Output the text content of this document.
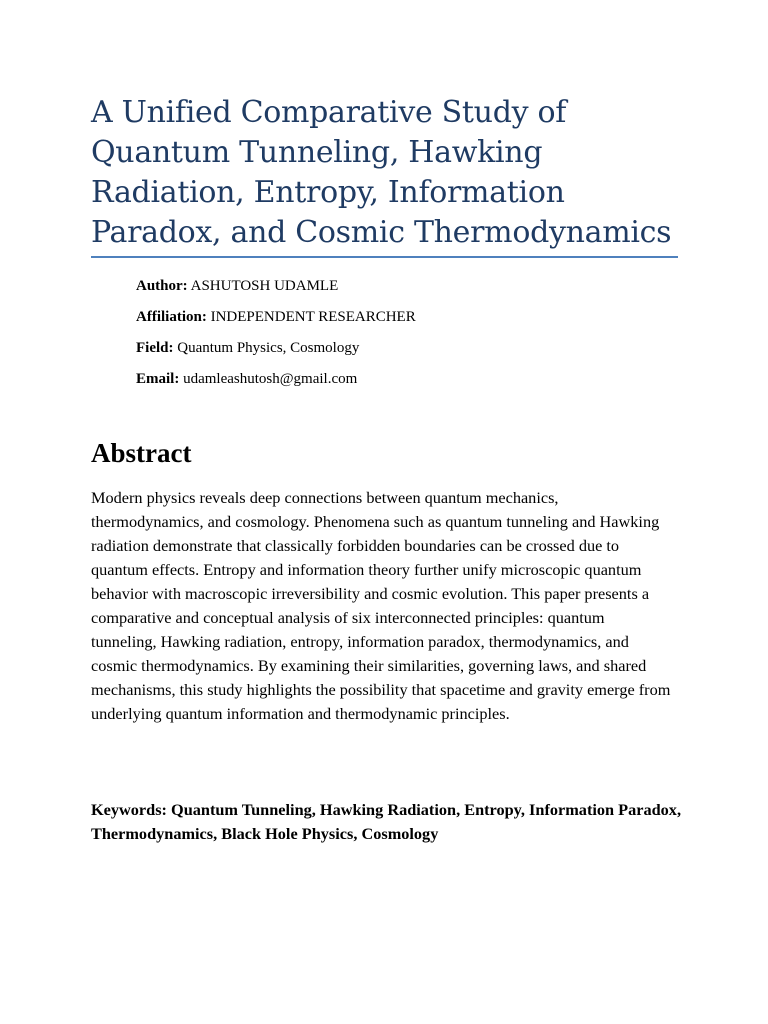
A Unified Comparative Study of Quantum Tunneling, Hawking Radiation, Entropy, Information Paradox, and Cosmic Thermodynamics
Author: ASHUTOSH UDAMLE
Affiliation: INDEPENDENT RESEARCHER
Field: Quantum Physics, Cosmology
Email: udamleashutosh@gmail.com
Abstract

Modern physics reveals deep connections between quantum mechanics, thermodynamics, and cosmology. Phenomena such as quantum tunneling and Hawking radiation demonstrate that classically forbidden boundaries can be crossed due to quantum effects. Entropy and information theory further unify microscopic quantum behavior with macroscopic irreversibility and cosmic evolution. This paper presents a comparative and conceptual analysis of six interconnected principles: quantum tunneling, Hawking radiation, entropy, information paradox, thermodynamics, and cosmic thermodynamics. By examining their similarities, governing laws, and shared mechanisms, this study highlights the possibility that spacetime and gravity emerge from underlying quantum information and thermodynamic principles.

Keywords: Quantum Tunneling, Hawking Radiation, Entropy, Information Paradox, Thermodynamics, Black Hole Physics, Cosmology
